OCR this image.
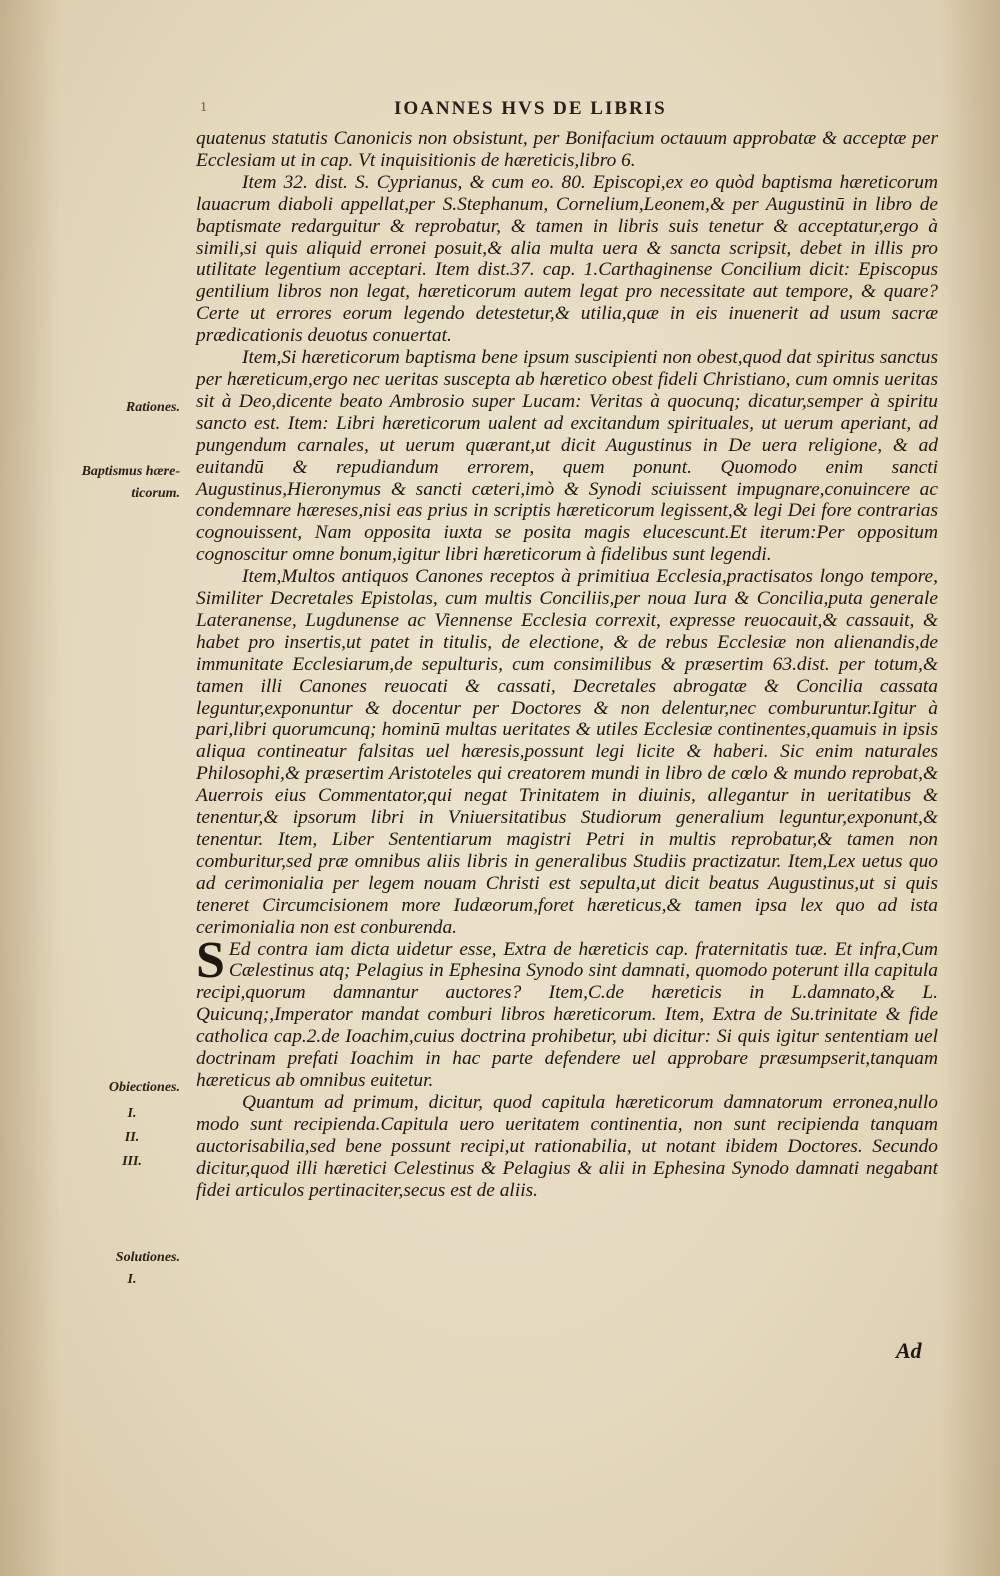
1	IOANNES HVS DE LIBRIS
Rationes.
Baptismus hære-
ticorum.
Obiectiones.
I.
II.
III.
Solutiones.
I.

quatenus statutis Canonicis non obsistunt, per Bonifacium octauum approbatæ & acceptæ per Ecclesiam ut in cap. Vt inquisitionis de hæreticis,libro 6.

Item 32. dist. S. Cyprianus, & cum eo. 80. Episcopi,ex eo quòd baptisma hæreticorum lauacrum diaboli appellat,per S.Stephanum, Cornelium,Leonem,& per Augustinū in libro de baptismate redarguitur & reprobatur, & tamen in libris suis tenetur & acceptatur,ergo à simili,si quis aliquid erronei posuit,& alia multa uera & sancta scripsit, debet in illis pro utilitate legentium acceptari. Item dist.37. cap. 1.Carthaginense Concilium dicit: Episcopus gentilium libros non legat, hæreticorum autem legat pro necessitate aut tempore, & quare? Certe ut errores eorum legendo detestetur,& utilia,quæ in eis inuenerit ad usum sacræ prædicationis deuotus conuertat.

Item,Si hæreticorum baptisma bene ipsum suscipienti non obest,quod dat spiritus sanctus per hæreticum,ergo nec ueritas suscepta ab hæretico obest fideli Christiano, cum omnis ueritas sit à Deo,dicente beato Ambrosio super Lucam: Veritas à quocunq; dicatur,semper à spiritu sancto est. Item: Libri hæreticorum ualent ad excitandum spirituales, ut uerum aperiant, ad pungendum carnales, ut uerum quærant,ut dicit Augustinus in De uera religione, & ad euitandū & repudiandum errorem, quem ponunt. Quomodo enim sancti Augustinus,Hieronymus & sancti cæteri,imò & Synodi sciuissent impugnare,conuincere ac condemnare hæreses,nisi eas prius in scriptis hæreticorum legissent,& legi Dei fore contrarias cognouissent, Nam opposita iuxta se posita magis elucescunt.Et iterum:Per oppositum cognoscitur omne bonum,igitur libri hæreticorum à fidelibus sunt legendi.

Item,Multos antiquos Canones receptos à primitiua Ecclesia,practisatos longo tempore, Similiter Decretales Epistolas, cum multis Conciliis,per noua Iura & Concilia,puta generale Lateranense, Lugdunense ac Viennense Ecclesia correxit, expresse reuocauit,& cassauit, & habet pro insertis,ut patet in titulis, de electione, & de rebus Ecclesiæ non alienandis,de immunitate Ecclesiarum,de sepulturis, cum consimilibus & præsertim 63.dist. per totum,& tamen illi Canones reuocati & cassati, Decretales abrogatæ & Concilia cassata leguntur,exponuntur & docentur per Doctores & non delentur,nec comburuntur.Igitur à pari,libri quorumcunq; hominū multas ueritates & utiles Ecclesiæ continentes,quamuis in ipsis aliqua contineatur falsitas uel hæresis,possunt legi licite & haberi. Sic enim naturales Philosophi,& præsertim Aristoteles qui creatorem mundi in libro de cœlo & mundo reprobat,& Auerrois eius Commentator,qui negat Trinitatem in diuinis, allegantur in ueritatibus & tenentur,& ipsorum libri in Vniuersitatibus Studiorum generalium leguntur,exponunt,& tenentur. Item, Liber Sententiarum magistri Petri in multis reprobatur,& tamen non comburitur,sed præ omnibus aliis libris in generalibus Studiis practizatur. Item,Lex uetus quo ad cerimonialia per legem nouam Christi est sepulta,ut dicit beatus Augustinus,ut si quis teneret Circumcisionem more Iudæorum,foret hæreticus,& tamen ipsa lex quo ad ista cerimonialia non est conburenda.

S Ed contra iam dicta uidetur esse, Extra de hæreticis cap. fraternitatis tuæ. Et infra,Cum Cælestinus atq; Pelagius in Ephesina Synodo sint damnati, quomodo poterunt illa capitula recipi,quorum damnantur auctores? Item,C.de hæreticis in L.damnato,& L. Quicunq;,Imperator mandat comburi libros hæreticorum. Item, Extra de Su.trinitate & fide catholica cap.2.de Ioachim,cuius doctrina prohibetur, ubi dicitur: Si quis igitur sententiam uel doctrinam prefati Ioachim in hac parte defendere uel approbare præsumpserit,tanquam hæreticus ab omnibus euitetur.

Quantum ad primum, dicitur, quod capitula hæreticorum damnatorum erronea,nullo modo sunt recipienda.Capitula uero ueritatem continentia, non sunt recipienda tanquam auctorisabilia,sed bene possunt recipi,ut rationabilia, ut notant ibidem Doctores. Secundo dicitur,quod illi hæretici Celestinus & Pelagius & alii in Ephesina Synodo damnati negabant fidei articulos pertinaciter,secus est de aliis.

Ad
